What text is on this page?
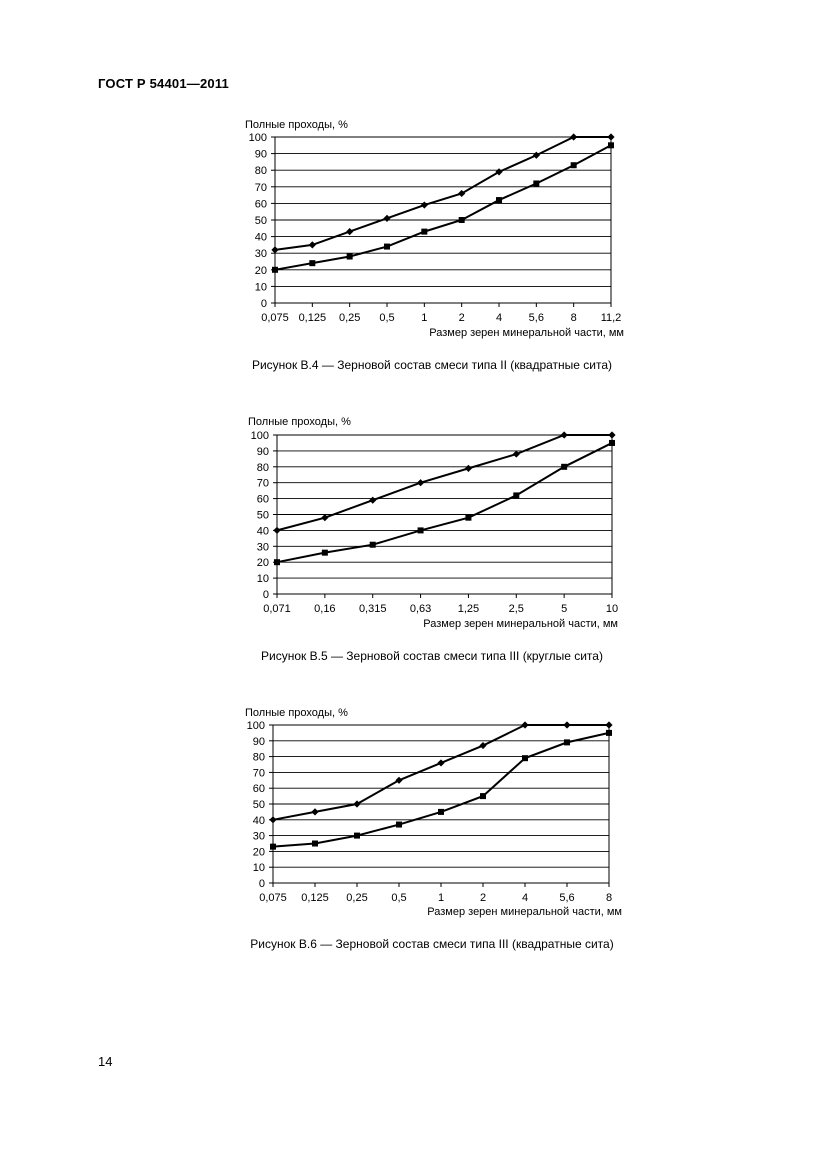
ГОСТ Р 54401—2011
Полные проходы, %
0
10
20
30
40
50
60
70
80
90
100
0,075 0,125 0,25 0,5 1	2	4 5,6 8 11,2
Размер зерен минеральной части, мм
Рисунок В.4 — Зерновой состав смеси типа II (квадратные сита)
Полные проходы, %
0
10
20
30
40
50
60
70
80
90
100
0,071 0,16 0,315 0,63 1,25	2,5	5	10
Размер зерен минеральной части, мм
Рисунок В.5 — Зерновой состав смеси типа III (круглые сита)
Полные проходы, %
0
10
20
30
40
50
60
70
80
90
100
0,075 0,125 0,25 0,5	1	2	4	5,6	8
Размер зерен минеральной части, мм
Рисунок В.6 — Зерновой состав смеси типа III (квадратные сита)
14
